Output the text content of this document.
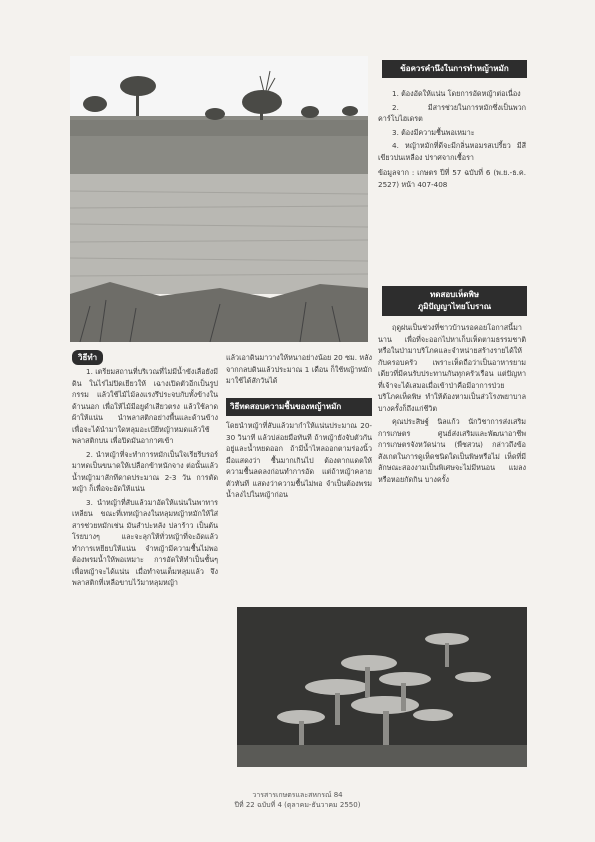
ข้อควรคำนึงในการทำหญ้าหมัก

1. ต้องอัดให้แน่น โดยการอัดหญ้าต่อเนื่อง

2. มีสารช่วยในการหมักซึ่งเป็นพวกคาร์โบไฮเดรต

3. ต้องมีความชื้นพอเหมาะ

4. หญ้าหมักที่ดีจะมีกลิ่นหอมรสเปรี้ยว มีสีเขียวปนเหลือง ปราศจากเชื้อรา

ข้อมูลจาก : เกษตร ปีที่ 57 ฉบับที่ 6 (พ.ย.-ธ.ค. 2527) หน้า 407-408

ทดสอบเห็ดพิษ
ภูมิปัญญาไทยโบราณ

ฤดูฝนเป็นช่วงที่ชาวบ้านรอคอยโอกาสนี้มานาน เพื่อที่จะออกไปหาเก็บเห็ดตามธรรมชาติหรือในป่ามาบริโภคและจำหน่ายสร้างรายได้ให้กับครอบครัว เพราะเห็ดถือว่าเป็นอาหารยามเดียวที่มีคนรับประทานกันทุกครัวเรือน แต่ปัญหาที่เจ้าจะได้เสมอเมื่อเข้าป่าคือมีอาการป่วยบริโภคเห็ดพิษ ทำให้ต้องหามเป็นส่วโรงพยาบาล บางครั้งก็ถึงแก่ชีวิต

คุณประสิษฐ์ นิลแก้ว นักวิชาการส่งเสริมการเกษตร ศูนย์ส่งเสริมและพัฒนาอาชีพการเกษตรจังหวัดน่าน (พืชสวน) กล่าวถึงข้อสังเกตในการดูเห็ดชนิดใดเป็นพิษหรือไม่ เห็ดที่มีลักษณะสองงามเป็นพิเศษจะไม่มีหนอน แมลง หรือหอยกัดกิน บางครั้ง

วิธีทำ

1. เตรียมสถานที่บริเวณที่ไม่มีน้ำขังเลือยังมีดิน ในไร่ไม่ปิดเยียวให้ เฉางเปิดตัวอีกเป็นรูปกรรม แล้วใช้ไม้ไม้ลงแรงรึประจบกับทั้งข้างในด้านนอก เพื่อให้ไม้มีอยูดำเสียวตรง แล้วใช้ลาดผ้าให้แน่น นำพลาสติกอย่างพื้นและด้านข้าง เพื่อจะได้นำมาใดหลุมอะเป้ยีหญ้าหมดแล้วใช้พลาสติกบน เพื่อปิดมันอากาศเข้า

2. นำหญ้าที่จะทำการหมักเป็นใจเรียรีบรอร์มาทดเป็นขนาดให้เปลือกข้าหนักจาง ต่อนั้นแล้ว น้ำหญ้ามาสักทีดาดประมาณ 2-3 วัน การตัดหญ้า ก็เพื่อจะอัดให้แน่น

3. นำหญ้าที่สับแล้วมาอัดให้แน่นในพาทารเหลียน ขณะที่เทหญ้าลงในหลุมหญ้าหมักให้ใส่สารช่วยหมักเช่น มันสำปะหลัง ปลาร้าว เป็นต้น โรยบางๆ และจะลุกให้ทั่วหญ้าที่จะอัดแล้วทำการเหยียบให้แน่น จำหญ้ามีความชื้นไม่พอ ต้องพรมน้ำให้พอเหมาะ การอัดให้ทำเป็นชั้นๆ เพื่อหญ้าจะได้แน่น เมื่อทำจนเต็มหลุมแล้ว จึงพลาสติกที่เหลือขาบไว้มาหลุมหญ้า

แล้วเอาดินมาวางให้หนาอย่างน้อย 20 ซม. หลังจากกลบดินแล้วประมาณ 1 เดือน ก็ใช้หญ้าหมักมาใช้ได้สักวันได้
วิธีทดสอบความชื้นของหญ้าหมัก
โดยนำหญ้าที่สับแล้วมากำให้แน่นประมาณ 20-30 วินาที แล้วปล่อยมือทันที ถ้าหญ้ายังจับตัวกันอยู่และน้ำหยดออก ถ้ามีน้ำไหลออกตามร่องนิ้วมือแสดงว่า ชื้นมากเกินไป ต้องตากแดดให้ความชื้นลดลงก่อนทำการอัด แต่ถ้าหญ้าคลายตัวทันที แสดงว่าความชื้นไม่พอ จำเป็นต้องพรมน้ำลงไปในหญ้าก่อน
วารสารเกษตรและสหกรณ์ 84
ปีที่ 22 ฉบับที่ 4 (ตุลาคม-ธันวาคม 2550)
